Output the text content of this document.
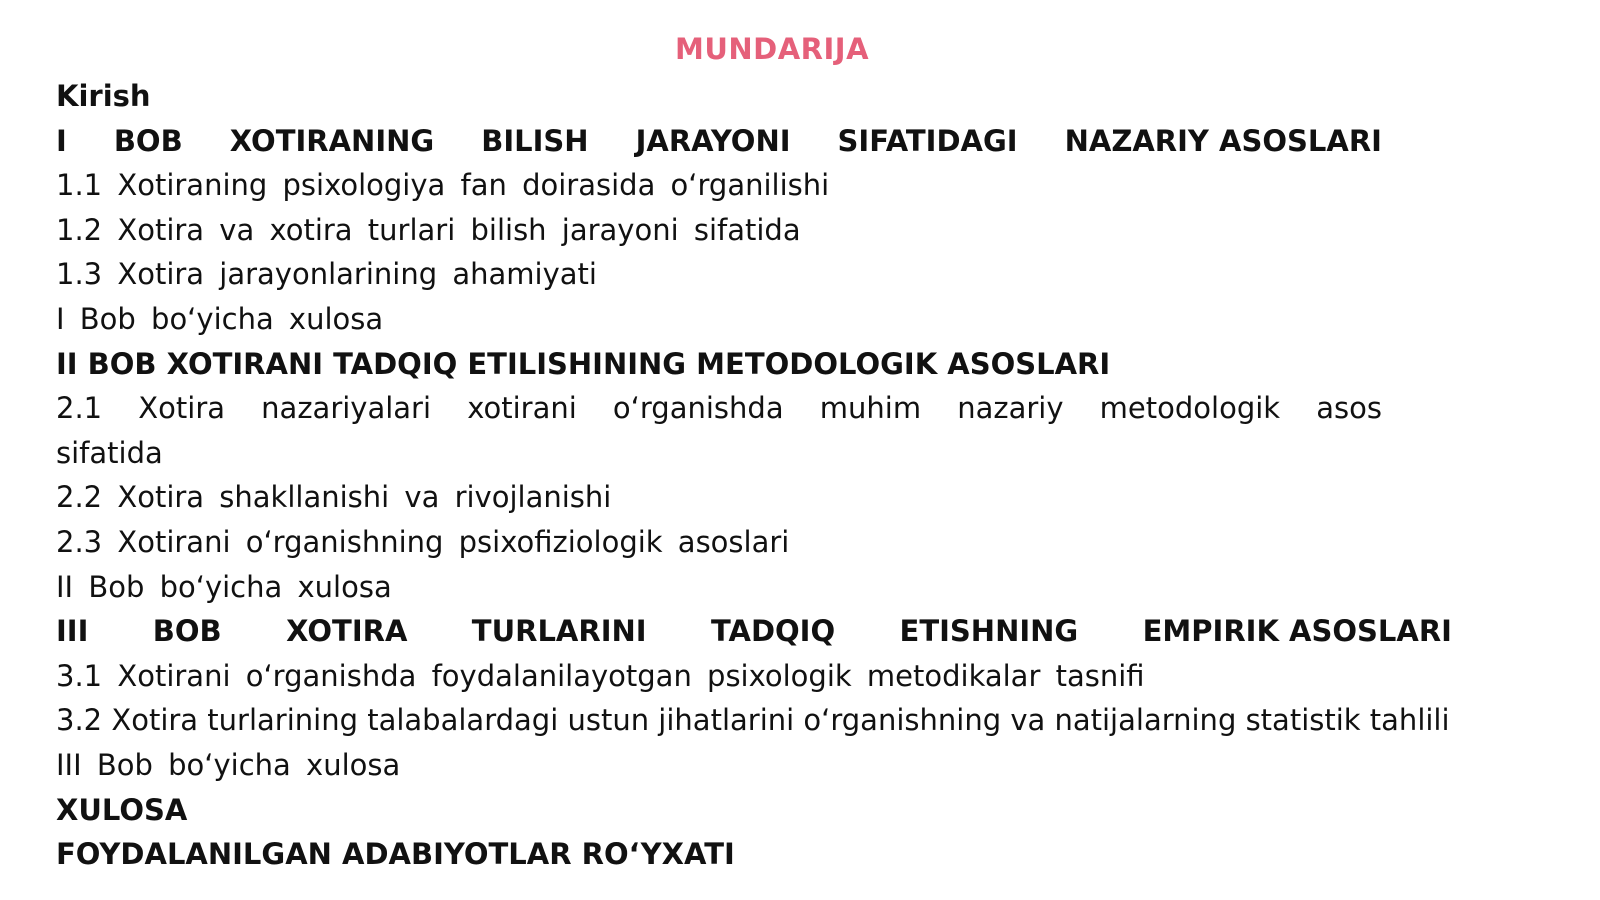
MUNDARIJA
Kirish
I BOB XOTIRANING BILISH JARAYONI SIFATIDAGI NAZARIY ASOSLARI
1.1 Xotiraning psixologiya fan doirasida o‘rganilishi
1.2 Xotira va xotira turlari bilish jarayoni sifatida
1.3 Xotira jarayonlarining ahamiyati
I Bob bo‘yicha xulosa
II BOB XOTIRANI TADQIQ ETILISHINING METODOLOGIK ASOSLARI
2.1 Xotira nazariyalari xotirani o‘rganishda muhim nazariy metodologik asos sifatida
2.2 Xotira shakllanishi va rivojlanishi
2.3 Xotirani o‘rganishning psixofiziologik asoslari
II Bob bo‘yicha xulosa
III BOB XOTIRA TURLARINI TADQIQ ETISHNING EMPIRIK ASOSLARI
3.1 Xotirani o‘rganishda foydalanilayotgan psixologik metodikalar tasnifi
3.2 Xotira turlarining talabalardagi ustun jihatlarini o‘rganishning va natijalarning statistik tahlili
III Bob bo‘yicha xulosa
XULOSA
FOYDALANILGAN ADABIYOTLAR RO‘YXATI
